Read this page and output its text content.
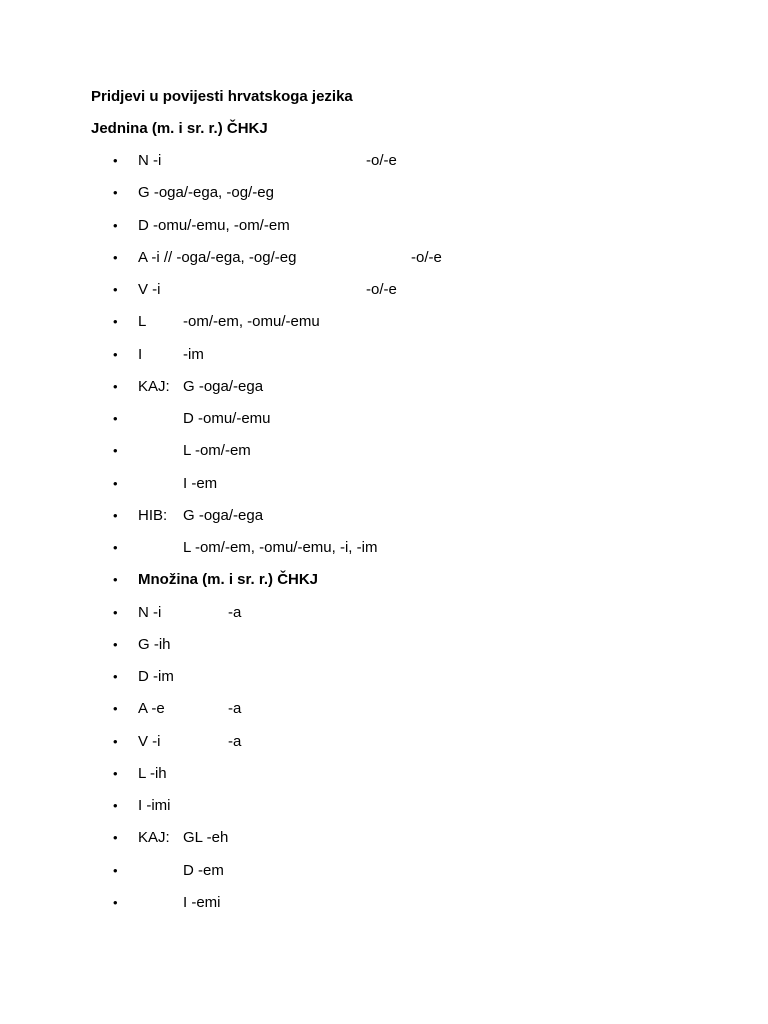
Pridjevi u povijesti hrvatskoga jezika
Jednina (m. i sr. r.) ČHKJ
• N -i	-o/-e
• G -oga/-ega, -og/-eg
• D -omu/-emu, -om/-em
• A -i // -oga/-ega, -og/-eg	-o/-e
• V -i	-o/-e
• L -om/-em, -omu/-emu
• I	-im
• KAJ: G -oga/-ega
•	D -omu/-emu
•	L -om/-em
•	I -em
• HIB: G -oga/-ega
•	L -om/-em, -omu/-emu, -i, -im
• Množina (m. i sr. r.) ČHKJ
• N -i	-a
• G -ih
• D -im
• A -e	-a
• V -i	-a
• L -ih
• I -imi
• KAJ: GL -eh
•	D -em
•	I -emi
